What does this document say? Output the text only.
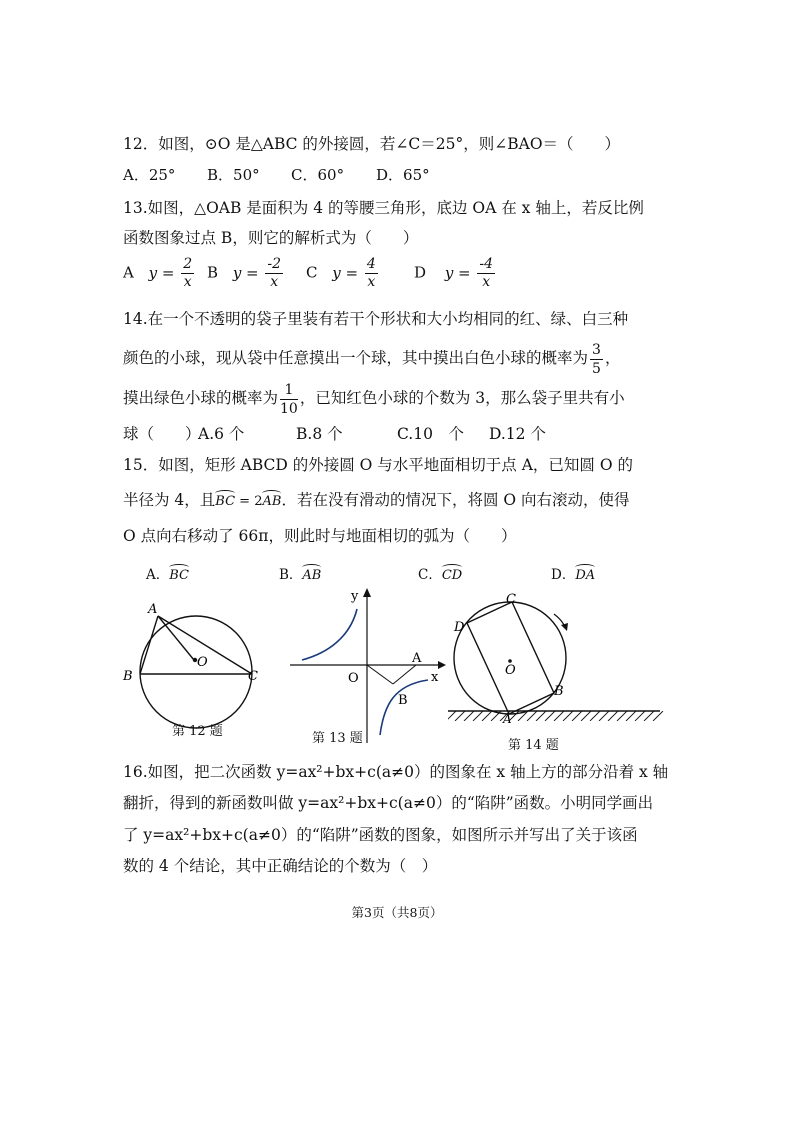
12．如图，⊙O 是△ABC 的外接圆，若∠C＝25°，则∠BAO＝（　　）
A．25° B．50° C．60° D．65°
13.如图，△OAB 是面积为 4 的等腰三角形，底边 OA 在 x 轴上，若反比例
函数图象过点 B，则它的解析式为（　　）
A $y = \frac{2}{x}$ B $y = \frac{-2}{x}$ C $y = \frac{4}{x}$ D $y = \frac{-4}{x}$
14.在一个不透明的袋子里装有若干个形状和大小均相同的红、绿、白三种
颜色的小球，现从袋中任意摸出一个球，其中摸出白色小球的概率为 $\frac{3}{5}$ ，
摸出绿色小球的概率为 $\frac{1}{10}$ ，已知红色小球的个数为 3，那么袋子里共有小
球（　　）
A.6 个	B.8 个	C.10　个 D.12 个
15．如图，矩形 ABCD 的外接圆 O 与水平地面相切于点 A，已知圆 O 的
半径为 4，且BC = 2AB．若在没有滑动的情况下，将圆 O 向右滚动，使得
O 点向右移动了 66π，则此时与地面相切的弧为（　　）
A．BC	B．AB	C．CD	D．DA
A
B	C
O
第 12 题
y
x
O
A
B
第 13 题
A
B
C
D
O
第 14 题
16.如图，把二次函数 y=ax²+bx+c(a≠0）的图象在 x 轴上方的部分沿着 x 轴
翻折，得到的新函数叫做 y=ax²+bx+c(a≠0）的“陷阱”函数。小明同学画出
了 y=ax²+bx+c(a≠0）的“陷阱”函数的图象，如图所示并写出了关于该函
数的 4 个结论，其中正确结论的个数为（　）
第3页（共8页）
